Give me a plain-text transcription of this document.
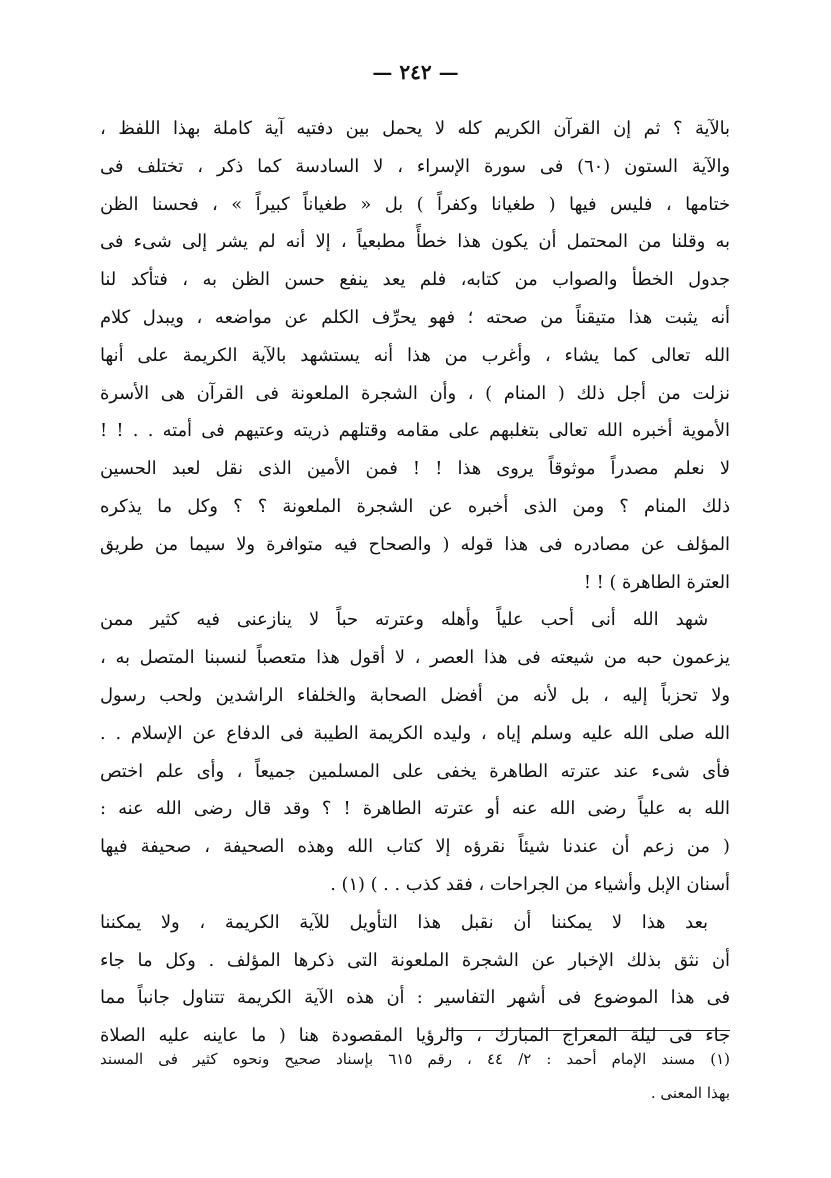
— ٢٤٢ —
بالآية ؟ ثم إن القرآن الكريم كله لا يحمل بين دفتيه آية كاملة بهذا اللفظ ،
والآية الستون (٦٠) فى سورة الإسراء ، لا السادسة كما ذكر ، تختلف فى
ختامها ، فليس فيها ( طغيانا وكفراً ) بل « طغياناً كبيراً » ، فحسنا الظن
به وقلنا من المحتمل أن يكون هذا خطأً مطبعياً ، إلا أنه لم يشر إلى شىء فى
جدول الخطأ والصواب من كتابه، فلم يعد ينفع حسن الظن به ، فتأكد لنا
أنه يثبت هذا متيقناً من صحته ؛ فهو يحرِّف الكلم عن مواضعه ، ويبدل كلام
الله تعالى كما يشاء ، وأغرب من هذا أنه يستشهد بالآية الكريمة على أنها
نزلت من أجل ذلك ( المنام ) ، وأن الشجرة الملعونة فى القرآن هى الأسرة
الأموية أخبره الله تعالى بتغلبهم على مقامه وقتلهم ذريته وعتيهم فى أمته . . ! !
لا نعلم مصدراً موثوقاً يروى هذا ! ! فمن الأمين الذى نقل لعبد الحسين
ذلك المنام ؟ ومن الذى أخبره عن الشجرة الملعونة ؟ ؟ وكل ما يذكره
المؤلف عن مصادره فى هذا قوله ( والصحاح فيه متوافرة ولا سيما من طريق
العترة الطاهرة ) ! !
شهد الله أنى أحب علياً وأهله وعترته حباً لا ينازعنى فيه كثير ممن
يزعمون حبه من شيعته فى هذا العصر ، لا أقول هذا متعصباً لنسبنا المتصل به ،
ولا تحزباً إليه ، بل لأنه من أفضل الصحابة والخلفاء الراشدين ولحب رسول
الله صلى الله عليه وسلم إياه ، وليده الكريمة الطيبة فى الدفاع عن الإسلام . .
فأى شىء عند عترته الطاهرة يخفى على المسلمين جميعاً ، وأى علم اختص
الله به علياً رضى الله عنه أو عترته الطاهرة ! ؟ وقد قال رضى الله عنه :
( من زعم أن عندنا شيئاً نقرؤه إلا كتاب الله وهذه الصحيفة ، صحيفة فيها
أسنان الإبل وأشياء من الجراحات ، فقد كذب . . ) (١) .
بعد هذا لا يمكننا أن نقبل هذا التأويل للآية الكريمة ، ولا يمكننا
أن نثق بذلك الإخبار عن الشجرة الملعونة التى ذكرها المؤلف . وكل ما جاء
فى هذا الموضوع فى أشهر التفاسير : أن هذه الآية الكريمة تتناول جانباً مما
جاء فى ليلة المعراج المبارك ، والرؤيا المقصودة هنا ( ما عاينه عليه الصلاة
(١) مسند الإمام أحمد : ٢/ ٤٤ ، رقم ٦١٥ بإسناد صحيح ونحوه كثير فى المسند
بهذا المعنى .
